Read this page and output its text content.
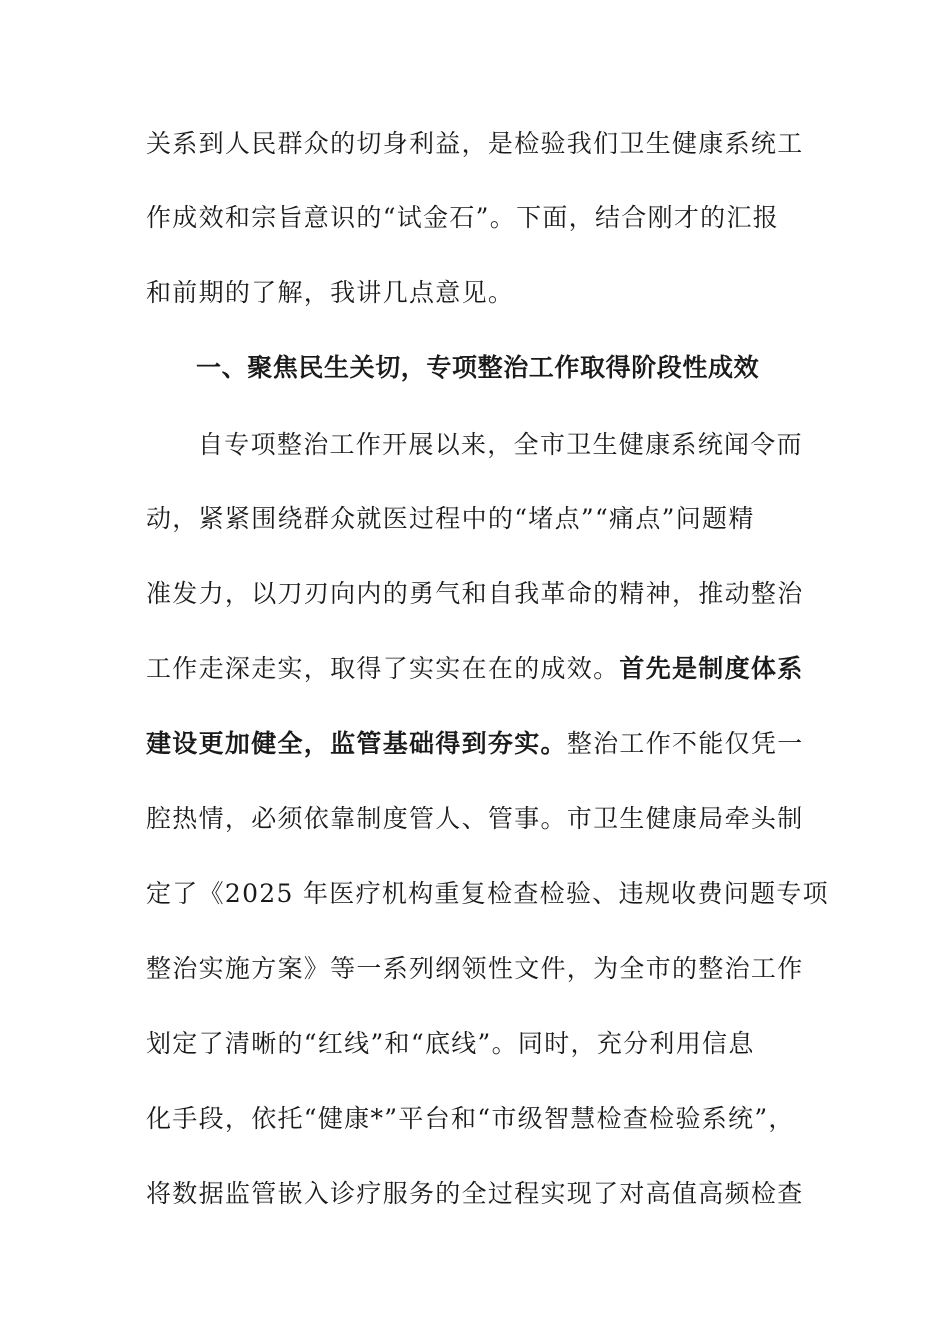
关系到人民群众的切身利益，是检验我们卫生健康系统工
作成效和宗旨意识的“试金石”。下面，结合刚才的汇报
和前期的了解，我讲几点意见。
一、聚焦民生关切，专项整治工作取得阶段性成效
自专项整治工作开展以来，全市卫生健康系统闻令而
动，紧紧围绕群众就医过程中的“堵点”“痛点”问题精
准发力，以刀刃向内的勇气和自我革命的精神，推动整治
工作走深走实，取得了实实在在的成效。首先是制度体系
建设更加健全，监管基础得到夯实。整治工作不能仅凭一
腔热情，必须依靠制度管人、管事。市卫生健康局牵头制
定了《2025 年医疗机构重复检查检验、违规收费问题专项
整治实施方案》等一系列纲领性文件，为全市的整治工作
划定了清晰的“红线”和“底线”。同时，充分利用信息
化手段，依托“健康*”平台和“市级智慧检查检验系统”，
将数据监管嵌入诊疗服务的全过程实现了对高值高频检查
